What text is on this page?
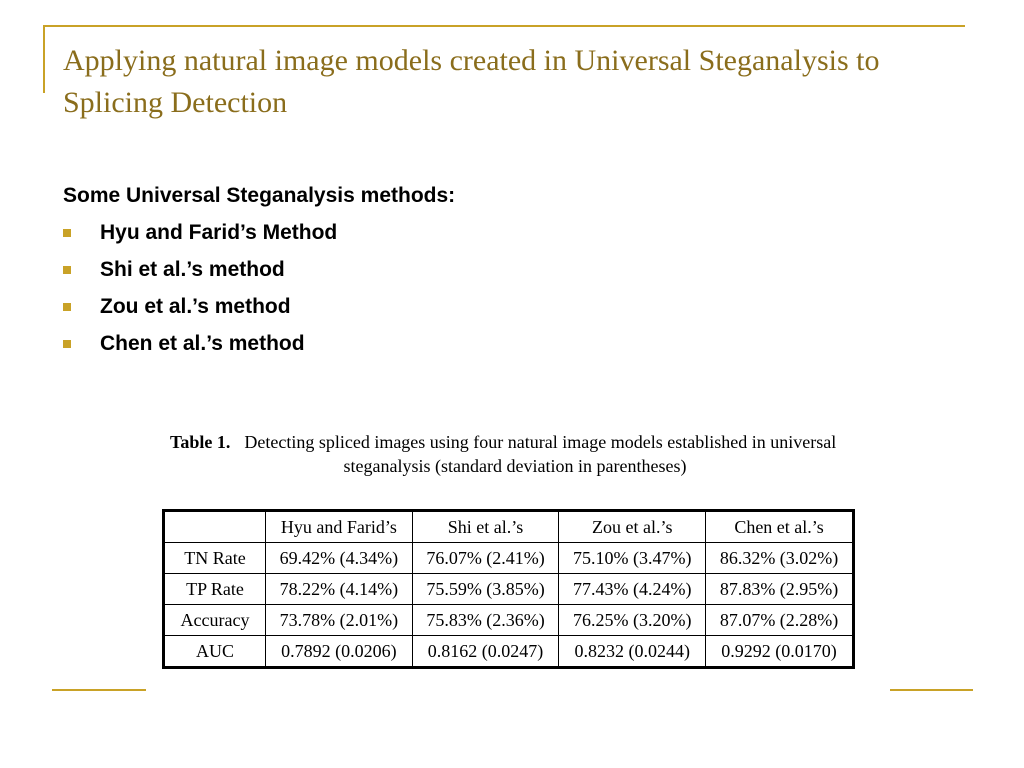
Applying natural image models created in Universal Steganalysis to Splicing Detection

Some Universal Steganalysis methods:

Hyu and Farid’s Method
Shi et al.’s method
Zou et al.’s method
Chen et al.’s method
Table 1. Detecting spliced images using four natural image models established in universal
steganalysis (standard deviation in parentheses)
	Hyu and Farid’s	Shi et al.’s	Zou et al.’s	Chen et al.’s
TN Rate	69.42% (4.34%)	76.07% (2.41%)	75.10% (3.47%)	86.32% (3.02%)
TP Rate	78.22% (4.14%)	75.59% (3.85%)	77.43% (4.24%)	87.83% (2.95%)
Accuracy	73.78% (2.01%)	75.83% (2.36%)	76.25% (3.20%)	87.07% (2.28%)
AUC	0.7892 (0.0206)	0.8162 (0.0247)	0.8232 (0.0244)	0.9292 (0.0170)
